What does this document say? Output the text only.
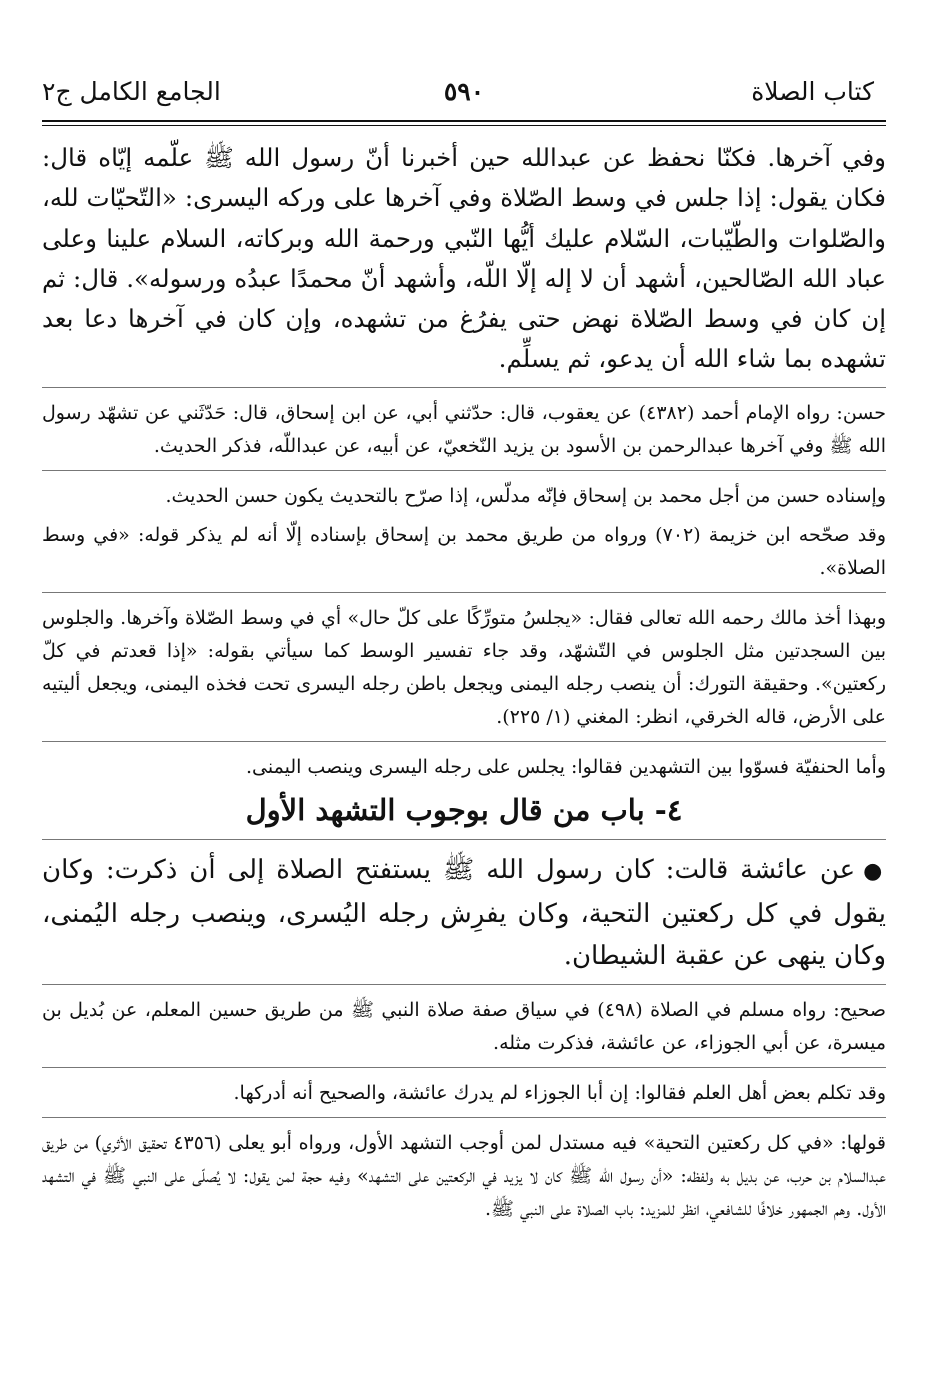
كتاب الصلاة
٥٩٠
الجامع الكامل ج٢

وفي آخرها. فكنّا نحفظ عن عبدالله حين أخبرنا أنّ رسول الله ﷺ علّمه إيّاه قال: فكان يقول: إذا جلس في وسط الصّلاة وفي آخرها على وركه اليسرى: «التّحيّات لله، والصّلوات والطّيّبات، السّلام عليك أيُّها النّبي ورحمة الله وبركاته، السلام علينا وعلى عباد الله الصّالحين، أشهد أن لا إله إلّا اللّه، وأشهد أنّ محمدًا عبدُه ورسوله». قال: ثم إن كان في وسط الصّلاة نهض حتى يفرُغ من تشهده، وإن كان في آخرها دعا بعد تشهده بما شاء الله أن يدعو، ثم يسلِّم.

حسن: رواه الإمام أحمد (٤٣٨٢) عن يعقوب، قال: حدّثني أبي، عن ابن إسحاق، قال: حَدّثَني عن تشهّد رسول الله ﷺ وفي آخرها عبدالرحمن بن الأسود بن يزيد النّخعيّ، عن أبيه، عن عبداللّه، فذكر الحديث.

وإسناده حسن من أجل محمد بن إسحاق فإنّه مدلّس، إذا صرّح بالتحديث يكون حسن الحديث.

وقد صحّحه ابن خزيمة (٧٠٢) ورواه من طريق محمد بن إسحاق بإسناده إلّا أنه لم يذكر قوله: «في وسط الصلاة».

وبهذا أخذ مالك رحمه الله تعالى فقال: «يجلسُ متورِّكًا على كلّ حال» أي في وسط الصّلاة وآخرها. والجلوس بين السجدتين مثل الجلوس في التّشهّد، وقد جاء تفسير الوسط كما سيأتي بقوله: «إذا قعدتم في كلّ ركعتين». وحقيقة التورك: أن ينصب رجله اليمنى ويجعل باطن رجله اليسرى تحت فخذه اليمنى، ويجعل أليتيه على الأرض، قاله الخرقي، انظر: المغني (١/ ٢٢٥).

وأما الحنفيّة فسوّوا بين التشهدين فقالوا: يجلس على رجله اليسرى وينصب اليمنى.

٤- باب من قال بوجوب التشهد الأول

●عن عائشة قالت: كان رسول الله ﷺ يستفتح الصلاة إلى أن ذكرت: وكان يقول في كل ركعتين التحية، وكان يفرِش رجله اليُسرى، وينصب رجله اليُمنى، وكان ينهى عن عقبة الشيطان.

صحيح: رواه مسلم في الصلاة (٤٩٨) في سياق صفة صلاة النبي ﷺ من طريق حسين المعلم، عن بُديل بن ميسرة، عن أبي الجوزاء، عن عائشة، فذكرت مثله.

وقد تكلم بعض أهل العلم فقالوا: إن أبا الجوزاء لم يدرك عائشة، والصحيح أنه أدركها.

قولها: «في كل ركعتين التحية» فيه مستدل لمن أوجب التشهد الأول، ورواه أبو يعلى (٤٣٥٦ تحقيق الأثري) من طريق عبدالسلام بن حرب، عن بديل به ولفظه: «أن رسول الله ﷺ كان لا يزيد في الركعتين على التشهد» وفيه حجة لمن يقول: لا يُصلّى على النبي ﷺ في التشهد الأول. وهم الجمهور خلافًا للشافعي، انظر للمزيد: باب الصلاة على النبي ﷺ.
